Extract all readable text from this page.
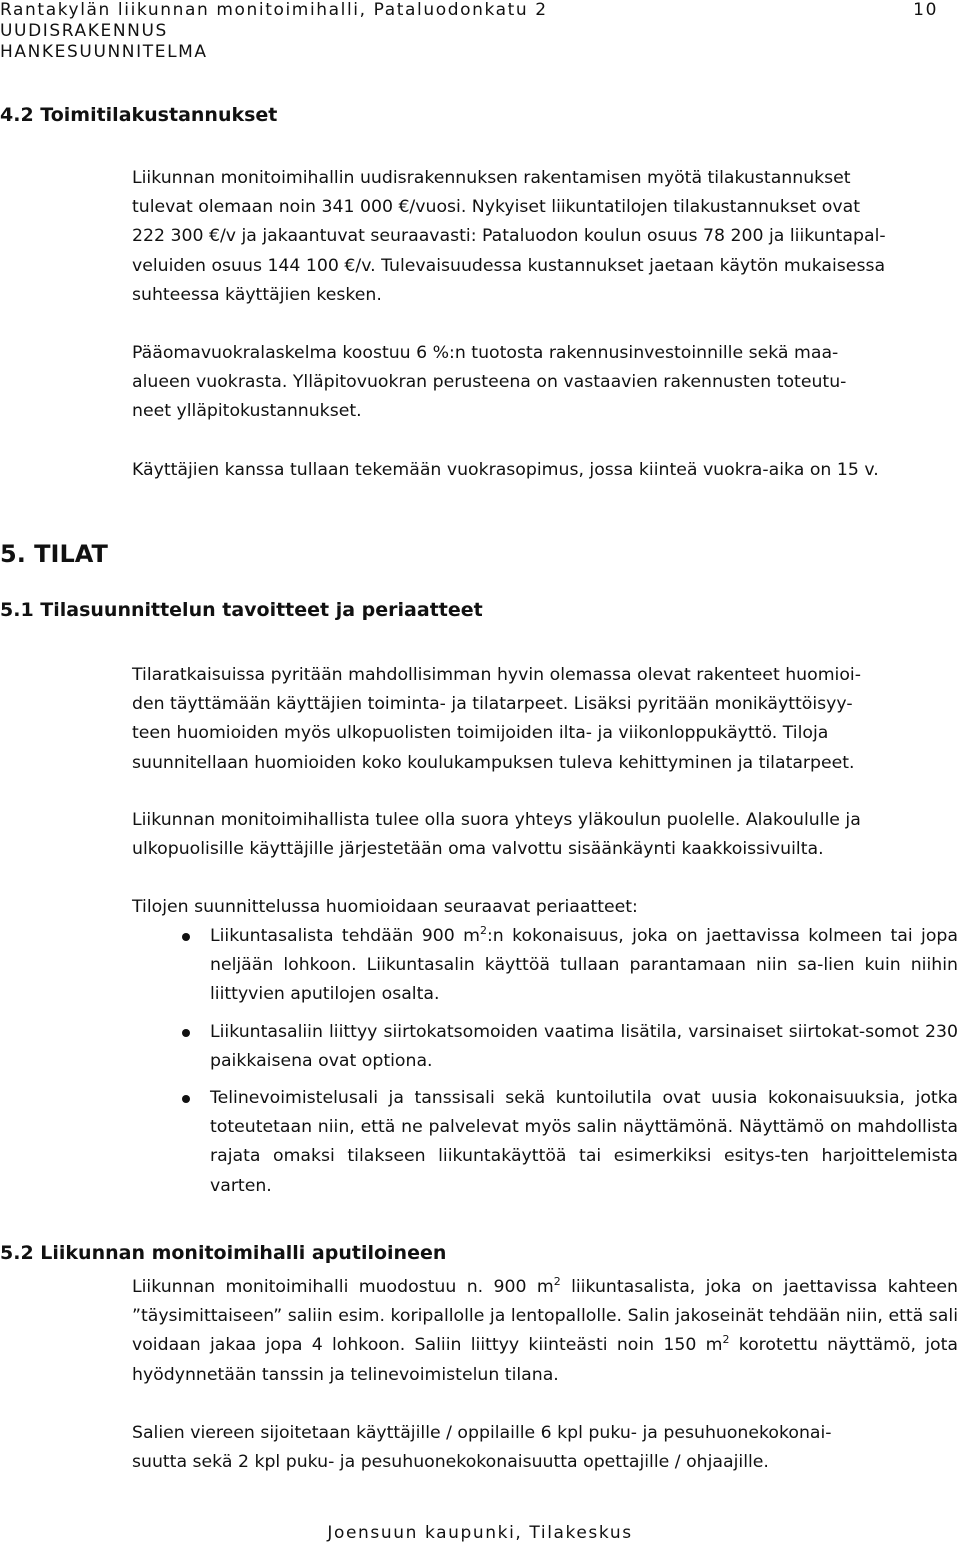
Rantakylän liikunnan monitoimihalli, Pataluodonkatu 2
UUDISRAKENNUS
HANKESUUNNITELMA
10
4.2 Toimitilakustannukset
Liikunnan monitoimihallin uudisrakennuksen rakentamisen myötä tilakustannukset
tulevat olemaan noin 341 000 €/vuosi. Nykyiset liikuntatilojen tilakustannukset ovat
222 300 €/v ja jakaantuvat seuraavasti: Pataluodon koulun osuus 78 200 ja liikuntapal-
veluiden osuus 144 100 €/v. Tulevaisuudessa kustannukset jaetaan käytön mukaisessa
suhteessa käyttäjien kesken.
Pääomavuokralaskelma koostuu 6 %:n tuotosta rakennusinvestoinnille sekä maa-
alueen vuokrasta. Ylläpitovuokran perusteena on vastaavien rakennusten toteutu-
neet ylläpitokustannukset.
Käyttäjien kanssa tullaan tekemään vuokrasopimus, jossa kiinteä vuokra-aika on 15 v.
5. TILAT
5.1 Tilasuunnittelun tavoitteet ja periaatteet
Tilaratkaisuissa pyritään mahdollisimman hyvin olemassa olevat rakenteet huomioi-
den täyttämään käyttäjien toiminta- ja tilatarpeet. Lisäksi pyritään monikäyttöisyy-
teen huomioiden myös ulkopuolisten toimijoiden ilta- ja viikonloppukäyttö. Tiloja
suunnitellaan huomioiden koko koulukampuksen tuleva kehittyminen ja tilatarpeet.
Liikunnan monitoimihallista tulee olla suora yhteys yläkoulun puolelle. Alakoululle ja
ulkopuolisille käyttäjille järjestetään oma valvottu sisäänkäynti kaakkoissivuilta.
Tilojen suunnittelussa huomioidaan seuraavat periaatteet:
Liikuntasalista tehdään 900 $m^2:n$ kokonaisuus, joka on jaettavissa kolmeen tai jopa neljään lohkoon. Liikuntasalin käyttöä tullaan parantamaan niin sa-lien kuin niihin liittyvien aputilojen osalta.
Liikuntasaliin liittyy siirtokatsomoiden vaatima lisätila, varsinaiset siirtokat-somot 230 paikkaisena ovat optiona.
Telinevoimistelusali ja tanssisali sekä kuntoilutila ovat uusia kokonaisuuksia, jotka toteutetaan niin, että ne palvelevat myös salin näyttämönä. Näyttämö on mahdollista rajata omaksi tilakseen liikuntakäyttöä tai esimerkiksi esitys-ten harjoittelemista varten.
5.2 Liikunnan monitoimihalli aputiloineen
Liikunnan monitoimihalli muodostuu n. 900 $m^2$ liikuntasalista, joka on jaettavissa kahteen ”täysimittaiseen” saliin esim. koripallolle ja lentopallolle. Salin jakoseinät tehdään niin, että sali voidaan jakaa jopa 4 lohkoon. Saliin liittyy kiinteästi noin 150 $m^2$ korotettu näyttämö, jota hyödynnetään tanssin ja telinevoimistelun tilana.
Salien viereen sijoitetaan käyttäjille / oppilaille 6 kpl puku- ja pesuhuonekokonai-
suutta sekä 2 kpl puku- ja pesuhuonekokonaisuutta opettajille / ohjaajille.
Joensuun kaupunki, Tilakeskus
